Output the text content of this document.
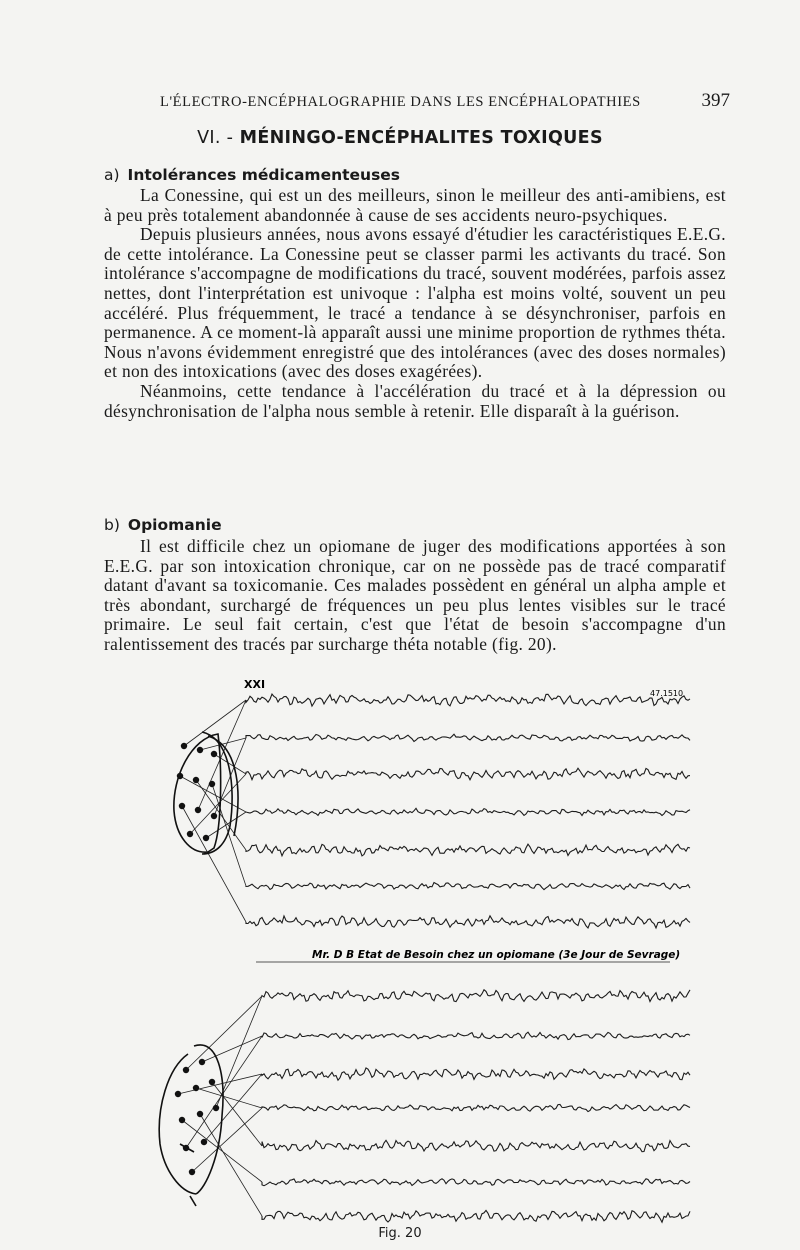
L'ÉLECTRO-ENCÉPHALOGRAPHIE DANS LES ENCÉPHALOPATHIES	397
VI. - MÉNINGO-ENCÉPHALITES TOXIQUES
a) Intolérances médicamenteuses

La Conessine, qui est un des meilleurs, sinon le meilleur des anti-amibiens, est à peu près totalement abandonnée à cause de ses accidents neuro-psychiques.

Depuis plusieurs années, nous avons essayé d'étudier les caractéristiques E.E.G. de cette intolérance. La Conessine peut se classer parmi les activants du tracé. Son intolérance s'accompagne de modifications du tracé, souvent modérées, parfois assez nettes, dont l'interprétation est univoque : l'alpha est moins volté, souvent un peu accéléré. Plus fréquemment, le tracé a tendance à se désynchroniser, parfois en permanence. A ce moment-là apparaît aussi une minime proportion de rythmes théta. Nous n'avons évidemment enregistré que des intolérances (avec des doses normales) et non des intoxications (avec des doses exagérées).

Néanmoins, cette tendance à l'accélération du tracé et à la dépression ou désynchronisation de l'alpha nous semble à retenir. Elle disparaît à la guérison.

b) Opiomanie

Il est difficile chez un opiomane de juger des modifications apportées à son E.E.G. par son intoxication chronique, car on ne possède pas de tracé comparatif datant d'avant sa toxicomanie. Ces malades possèdent en général un alpha ample et très abondant, surchargé de fréquences un peu plus lentes visibles sur le tracé primaire. Le seul fait certain, c'est que l'état de besoin s'accompagne d'un ralentissement des tracés par surcharge théta notable (fig. 20).

XXI
47.1510
Mr. D B Etat de Besoin chez un opiomane (3e Jour de Sevrage)
Fig. 20
